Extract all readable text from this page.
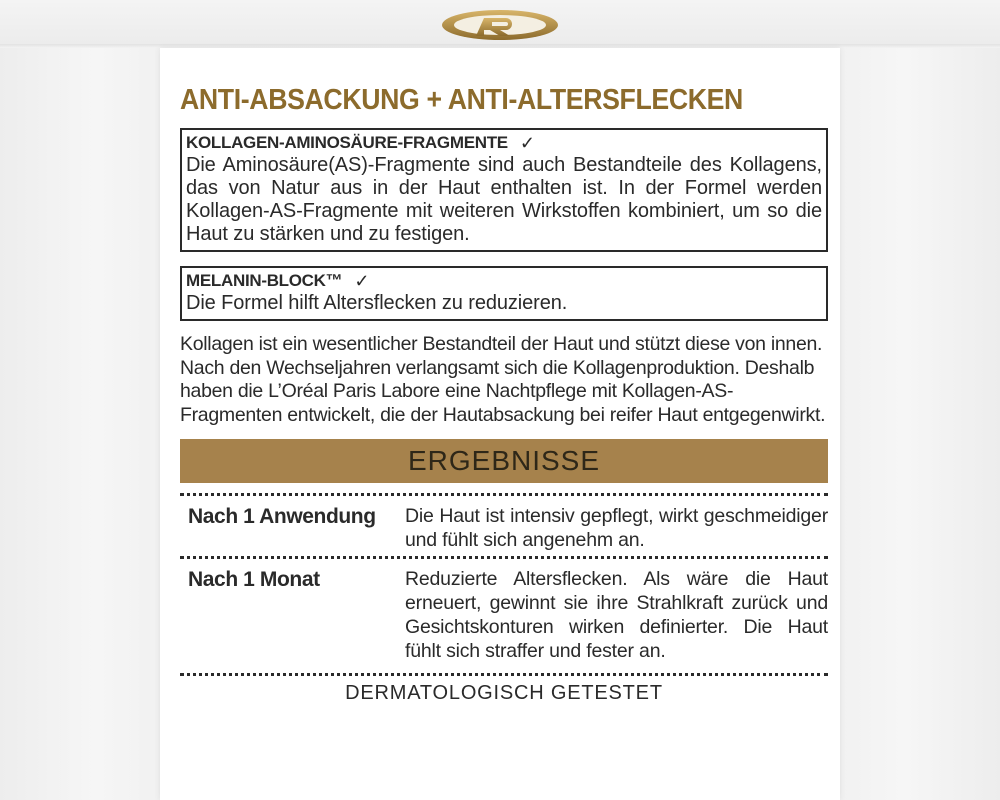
ANTI-ABSACKUNG + ANTI-ALTERSFLECKEN
KOLLAGEN-AMINOSÄURE-FRAGMENTE ✓
Die Aminosäure(AS)-Fragmente sind auch Bestandteile des Kollagens, das von Natur aus in der Haut enthalten ist. In der Formel werden Kollagen-AS-Fragmente mit weiteren Wirkstoffen kombiniert, um so die Haut zu stärken und zu festigen.
MELANIN-BLOCK™ ✓
Die Formel hilft Altersflecken zu reduzieren.
Kollagen ist ein wesentlicher Bestandteil der Haut und stützt diese von innen. Nach den Wechseljahren verlangsamt sich die Kollagenproduktion. Deshalb haben die L’Oréal Paris Labore eine Nachtpflege mit Kollagen-AS-Fragmenten entwickelt, die der Hautabsackung bei reifer Haut entgegenwirkt.
ERGEBNISSE
Nach 1 Anwendung	Die Haut ist intensiv gepflegt, wirkt geschmeidiger und fühlt sich angenehm an.
Nach 1 Monat	Reduzierte Altersflecken. Als wäre die Haut erneuert, gewinnt sie ihre Strahlkraft zurück und Gesichtskonturen wirken definierter. Die Haut fühlt sich straffer und fester an.
DERMATOLOGISCH GETESTET
